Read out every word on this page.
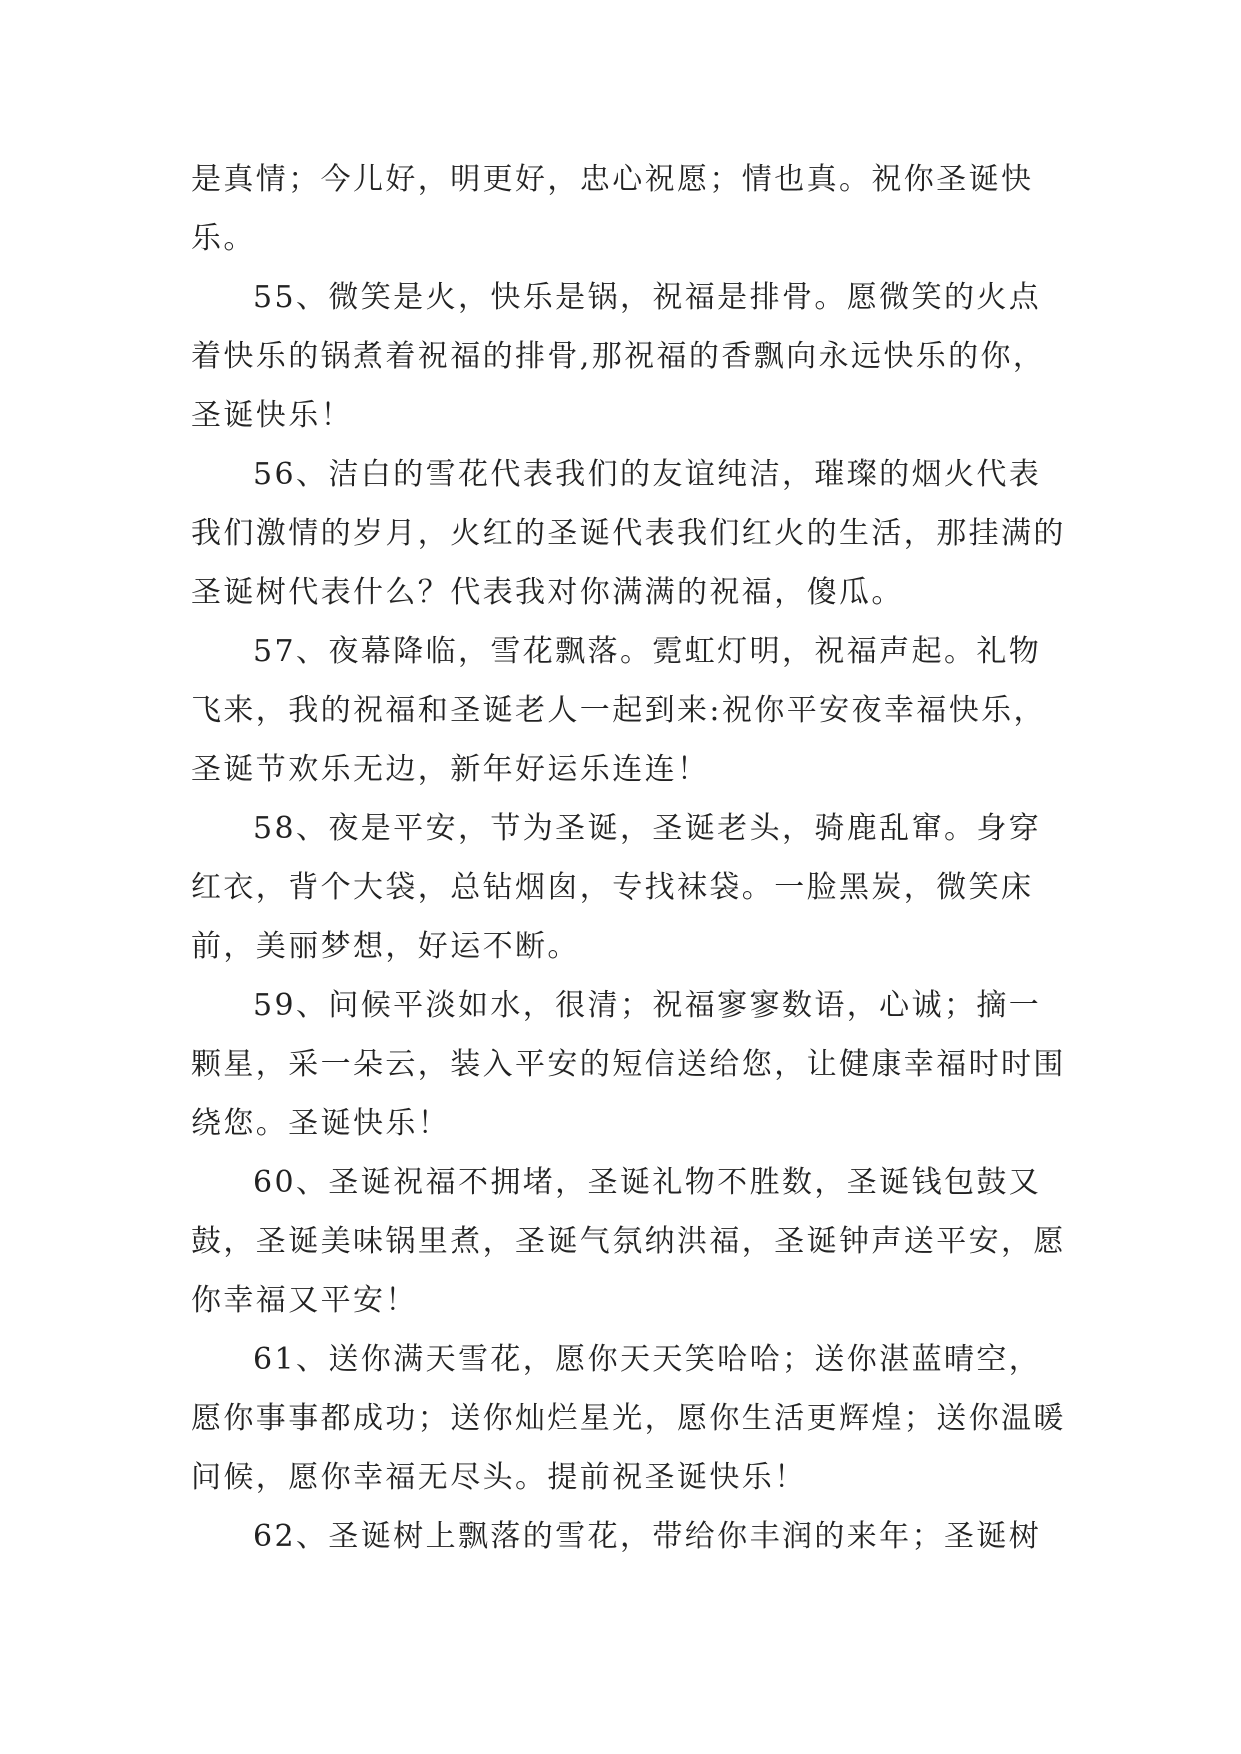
是真情；今儿好，明更好，忠心祝愿；情也真。祝你圣诞快乐。

55、微笑是火，快乐是锅，祝福是排骨。愿微笑的火点着快乐的锅煮着祝福的排骨,那祝福的香飘向永远快乐的你，圣诞快乐！

56、洁白的雪花代表我们的友谊纯洁，璀璨的烟火代表我们激情的岁月，火红的圣诞代表我们红火的生活，那挂满的圣诞树代表什么？代表我对你满满的祝福，傻瓜。

57、夜幕降临，雪花飘落。霓虹灯明，祝福声起。礼物飞来，我的祝福和圣诞老人一起到来:祝你平安夜幸福快乐，圣诞节欢乐无边，新年好运乐连连！

58、夜是平安，节为圣诞，圣诞老头，骑鹿乱窜。身穿红衣，背个大袋，总钻烟囱，专找袜袋。一脸黑炭，微笑床前，美丽梦想，好运不断。

59、问候平淡如水，很清；祝福寥寥数语，心诚；摘一颗星，采一朵云，装入平安的短信送给您，让健康幸福时时围绕您。圣诞快乐！

60、圣诞祝福不拥堵，圣诞礼物不胜数，圣诞钱包鼓又鼓，圣诞美味锅里煮，圣诞气氛纳洪福，圣诞钟声送平安，愿你幸福又平安！

61、送你满天雪花，愿你天天笑哈哈；送你湛蓝晴空，愿你事事都成功；送你灿烂星光，愿你生活更辉煌；送你温暖问候，愿你幸福无尽头。提前祝圣诞快乐！

62、圣诞树上飘落的雪花，带给你丰润的来年；圣诞树
